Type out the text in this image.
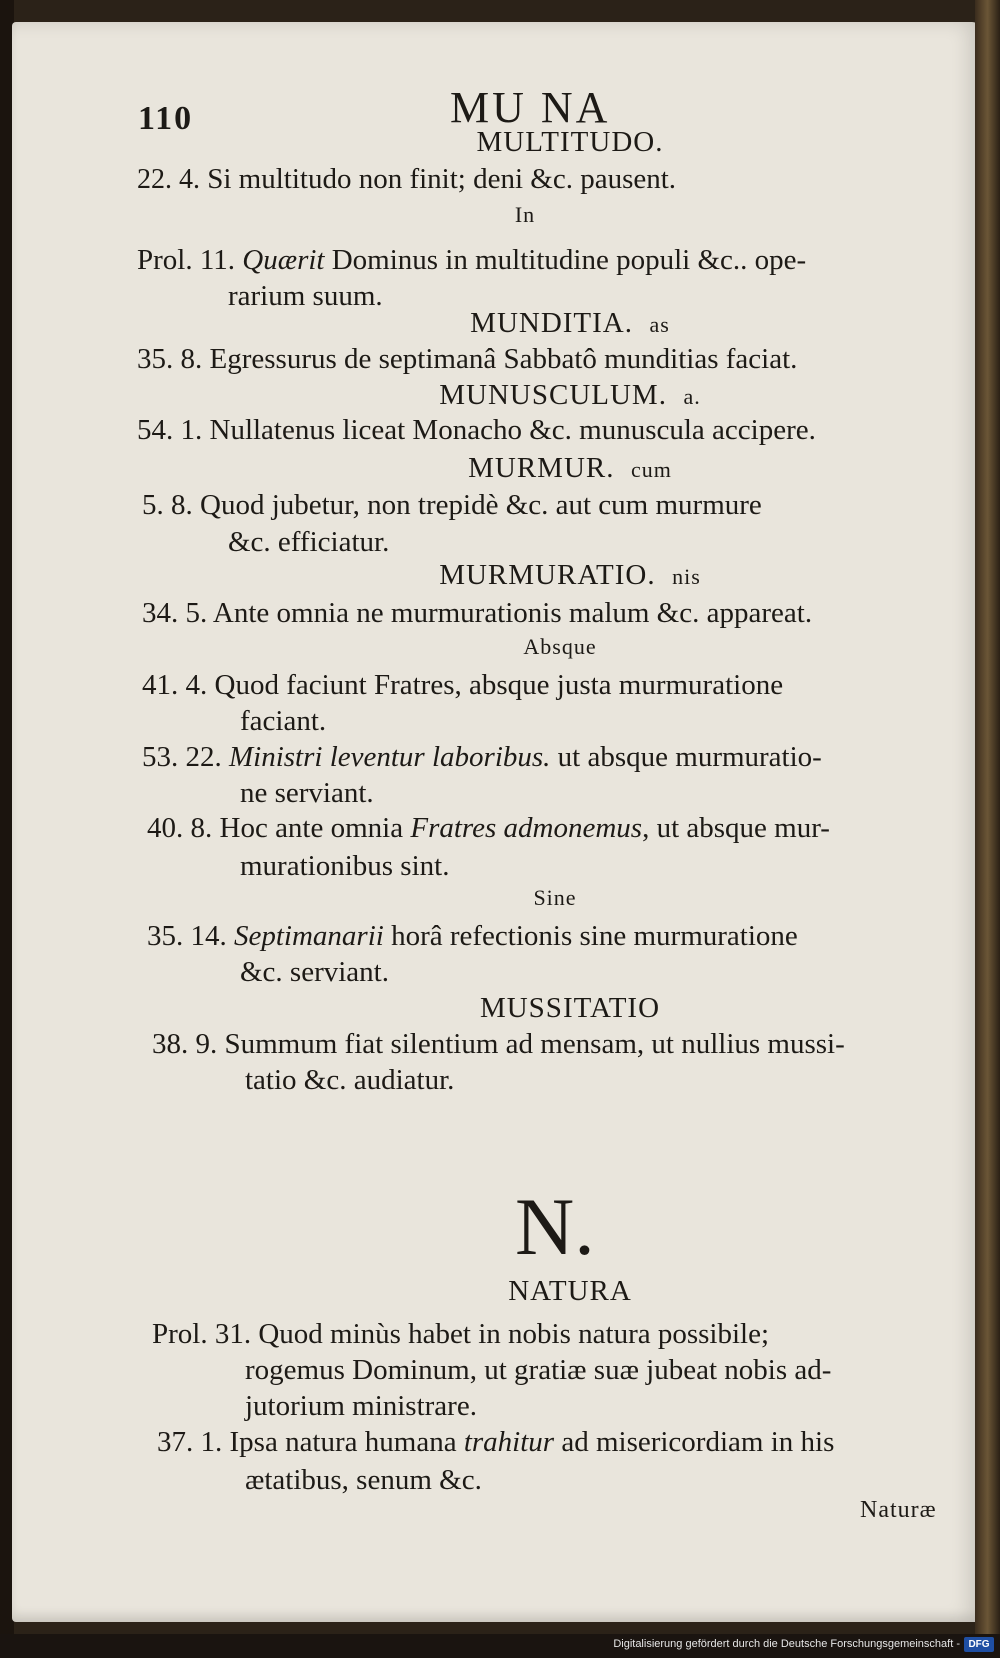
110	MU NA
MULTITUDO.
22. 4. Si multitudo non finit; deni &c. pausent.
In
Prol. 11. Quærit Dominus in multitudine populi &c.. ope-
rarium suum.
MUNDITIA. as
35. 8. Egressurus de septimanâ Sabbatô munditias faciat.
MUNUSCULUM. a.
54. 1. Nullatenus liceat Monacho &c. munuscula accipere.
MURMUR. cum
5. 8. Quod jubetur, non trepidè &c. aut cum murmure
&c. efficiatur.
MURMURATIO. nis
34. 5. Ante omnia ne murmurationis malum &c. appareat.
Absque
41. 4. Quod faciunt Fratres, absque justa murmuratione
faciant.
53. 22. Ministri leventur laboribus. ut absque murmuratio-
ne serviant.
40. 8. Hoc ante omnia Fratres admonemus, ut absque mur-
murationibus sint.
Sine
35. 14. Septimanarii horâ refectionis sine murmuratione
&c. serviant.
MUSSITATIO
38. 9. Summum fiat silentium ad mensam, ut nullius mussi-
tatio &c. audiatur.
N.
NATURA
Prol. 31. Quod minùs habet in nobis natura possibile;
rogemus Dominum, ut gratiæ suæ jubeat nobis ad-
jutorium ministrare.
37. 1. Ipsa natura humana trahitur ad misericordiam in his
ætatibus, senum &c.
Naturæ
Digitalisierung gefördert durch die Deutsche Forschungsgemeinschaft - DFG
